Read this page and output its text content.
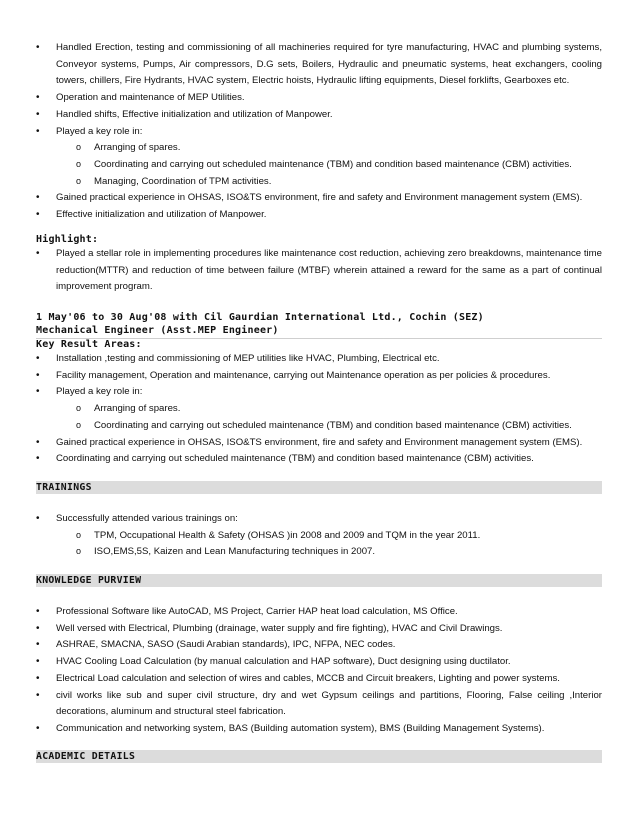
• Handled Erection, testing and commissioning of all machineries required for tyre manufacturing, HVAC and plumbing systems, Conveyor systems, Pumps, Air compressors, D.G sets, Boilers, Hydraulic and pneumatic systems, heat exchangers, cooling towers, chillers, Fire Hydrants, HVAC system, Electric hoists, Hydraulic lifting equipments, Diesel forklifts, Gearboxes etc.
• Operation and maintenance of MEP Utilities.
• Handled shifts, Effective initialization and utilization of Manpower.
• Played a key role in:
o Arranging of spares.
o Coordinating and carrying out scheduled maintenance (TBM) and condition based maintenance (CBM) activities.
o Managing, Coordination of TPM activities.
• Gained practical experience in OHSAS, ISO&TS environment, fire and safety and Environment management system (EMS).
• Effective initialization and utilization of Manpower.
Highlight:
• Played a stellar role in implementing procedures like maintenance cost reduction, achieving zero breakdowns, maintenance time reduction(MTTR) and reduction of time between failure (MTBF) wherein attained a reward for the same as a part of continual improvement program.
1 May'06 to 30 Aug'08 with Cil Gaurdian International Ltd., Cochin (SEZ)
Mechanical Engineer (Asst.MEP Engineer)
Key Result Areas:
• Installation ,testing and commissioning of MEP utilities like HVAC, Plumbing, Electrical etc.
• Facility management, Operation and maintenance, carrying out Maintenance operation as per policies & procedures.
• Played a key role in:
o Arranging of spares.
o Coordinating and carrying out scheduled maintenance (TBM) and condition based maintenance (CBM) activities.
• Gained practical experience in OHSAS, ISO&TS environment, fire and safety and Environment management system (EMS).
• Coordinating and carrying out scheduled maintenance (TBM) and condition based maintenance (CBM) activities.
TRAININGS
• Successfully attended various trainings on:
o TPM, Occupational Health & Safety (OHSAS )in 2008 and 2009 and TQM in the year 2011.
o ISO,EMS,5S, Kaizen and Lean Manufacturing techniques in 2007.
KNOWLEDGE PURVIEW
• Professional Software like AutoCAD, MS Project, Carrier HAP heat load calculation, MS Office.
• Well versed with Electrical, Plumbing (drainage, water supply and fire fighting), HVAC and Civil Drawings.
• ASHRAE, SMACNA, SASO (Saudi Arabian standards), IPC, NFPA, NEC codes.
• HVAC Cooling Load Calculation (by manual calculation and HAP software), Duct designing using ductilator.
• Electrical Load calculation and selection of wires and cables, MCCB and Circuit breakers, Lighting and power systems.
• civil works like sub and super civil structure, dry and wet Gypsum ceilings and partitions, Flooring, False ceiling ,Interior decorations, aluminum and structural steel fabrication.
• Communication and networking system, BAS (Building automation system), BMS (Building Management Systems).
ACADEMIC DETAILS
